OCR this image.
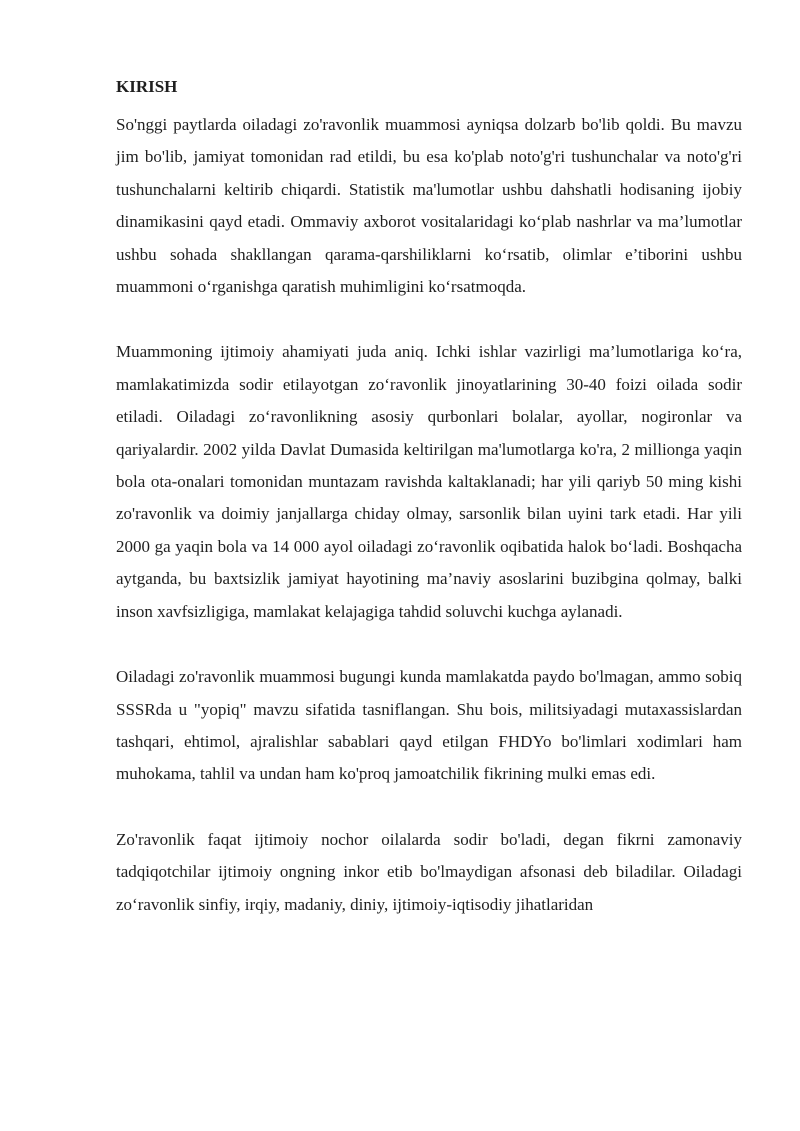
KIRISH

So'nggi paytlarda oiladagi zo'ravonlik muammosi ayniqsa dolzarb bo'lib qoldi. Bu mavzu jim bo'lib, jamiyat tomonidan rad etildi, bu esa ko'plab noto'g'ri tushunchalar va noto'g'ri tushunchalarni keltirib chiqardi. Statistik ma'lumotlar ushbu dahshatli hodisaning ijobiy dinamikasini qayd etadi. Ommaviy axborot vositalaridagi koʻplab nashrlar va ma’lumotlar ushbu sohada shakllangan qarama-qarshiliklarni koʻrsatib, olimlar e’tiborini ushbu muammoni oʻrganishga qaratish muhimligini koʻrsatmoqda.

Muammoning ijtimoiy ahamiyati juda aniq. Ichki ishlar vazirligi ma’lumotlariga koʻra, mamlakatimizda sodir etilayotgan zoʻravonlik jinoyatlarining 30-40 foizi oilada sodir etiladi. Oiladagi zoʻravonlikning asosiy qurbonlari bolalar, ayollar, nogironlar va qariyalardir. 2002 yilda Davlat Dumasida keltirilgan ma'lumotlarga ko'ra, 2 millionga yaqin bola ota-onalari tomonidan muntazam ravishda kaltaklanadi; har yili qariyb 50 ming kishi zo'ravonlik va doimiy janjallarga chiday olmay, sarsonlik bilan uyini tark etadi. Har yili 2000 ga yaqin bola va 14 000 ayol oiladagi zoʻravonlik oqibatida halok boʻladi. Boshqacha aytganda, bu baxtsizlik jamiyat hayotining ma’naviy asoslarini buzibgina qolmay, balki inson xavfsizligiga, mamlakat kelajagiga tahdid soluvchi kuchga aylanadi.

Oiladagi zo'ravonlik muammosi bugungi kunda mamlakatda paydo bo'lmagan, ammo sobiq SSSRda u "yopiq" mavzu sifatida tasniflangan. Shu bois, militsiyadagi mutaxassislardan tashqari, ehtimol, ajralishlar sabablari qayd etilgan FHDYo bo'limlari xodimlari ham muhokama, tahlil va undan ham ko'proq jamoatchilik fikrining mulki emas edi.

Zo'ravonlik faqat ijtimoiy nochor oilalarda sodir bo'ladi, degan fikrni zamonaviy tadqiqotchilar ijtimoiy ongning inkor etib bo'lmaydigan afsonasi deb biladilar. Oiladagi zoʻravonlik sinfiy, irqiy, madaniy, diniy, ijtimoiy-iqtisodiy jihatlaridan
